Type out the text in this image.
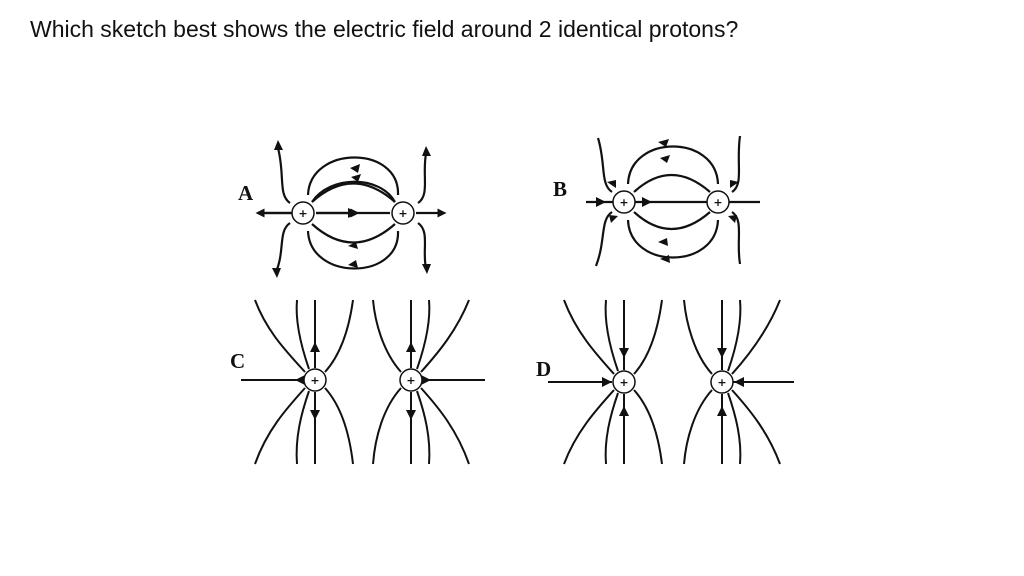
Which sketch best shows the electric field around 2 identical protons?
A
+	+
B
+	+
C
+	+	D
+	+
